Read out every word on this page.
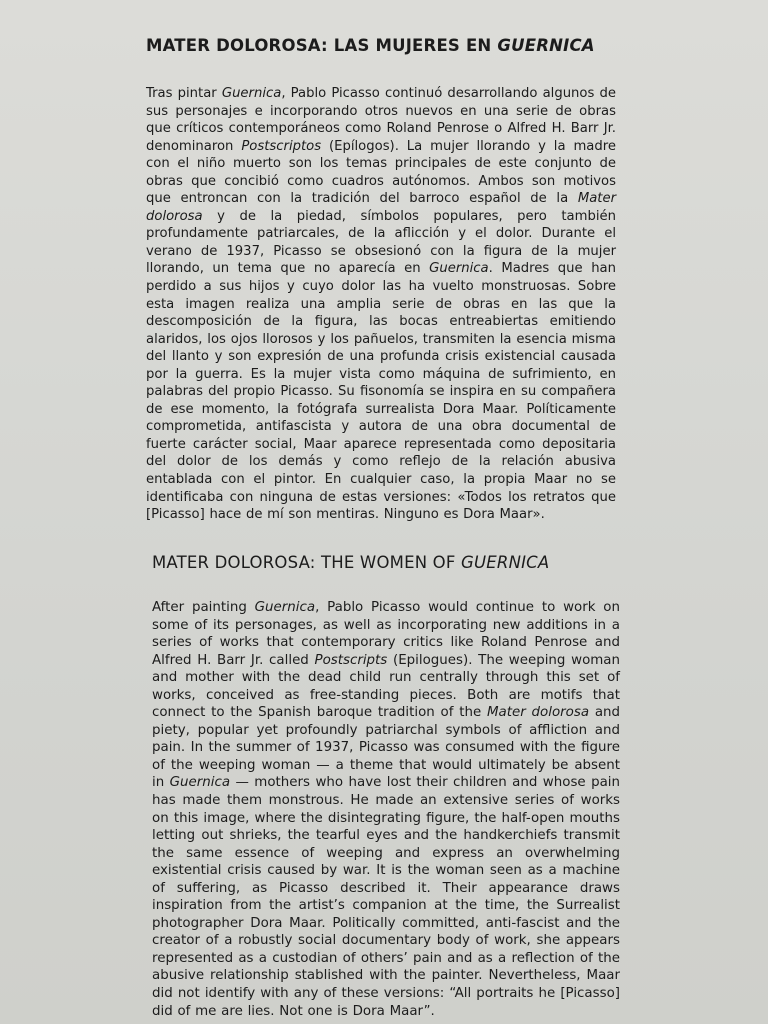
MATER DOLOROSA: LAS MUJERES EN GUERNICA

Tras pintar Guernica, Pablo Picasso continuó desarrollando algunos de sus personajes e incorporando otros nuevos en una serie de obras que críticos contemporáneos como Roland Penrose o Alfred H. Barr Jr. denominaron Postscriptos (Epílogos). La mujer llorando y la madre con el niño muerto son los temas principales de este conjunto de obras que concibió como cuadros autónomos. Ambos son motivos que entroncan con la tradición del barroco español de la Mater dolorosa y de la piedad, símbolos populares, pero también profundamente patriarcales, de la aflicción y el dolor. Durante el verano de 1937, Picasso se obsesionó con la figura de la mujer llorando, un tema que no aparecía en Guernica. Madres que han perdido a sus hijos y cuyo dolor las ha vuelto monstruosas. Sobre esta imagen realiza una amplia serie de obras en las que la descomposición de la figura, las bocas entreabiertas emitiendo alaridos, los ojos llorosos y los pañuelos, transmiten la esencia misma del llanto y son expresión de una profunda crisis existencial causada por la guerra. Es la mujer vista como máquina de sufrimiento, en palabras del propio Picasso. Su fisonomía se inspira en su compañera de ese momento, la fotógrafa surrealista Dora Maar. Políticamente comprometida, antifascista y autora de una obra documental de fuerte carácter social, Maar aparece representada como depositaria del dolor de los demás y como reflejo de la relación abusiva entablada con el pintor. En cualquier caso, la propia Maar no se identificaba con ninguna de estas versiones: «Todos los retratos que [Picasso] hace de mí son mentiras. Ninguno es Dora Maar».

MATER DOLOROSA: THE WOMEN OF GUERNICA

After painting Guernica, Pablo Picasso would continue to work on some of its personages, as well as incorporating new additions in a series of works that contemporary critics like Roland Penrose and Alfred H. Barr Jr. called Postscripts (Epilogues). The weeping woman and mother with the dead child run centrally through this set of works, conceived as free-standing pieces. Both are motifs that connect to the Spanish baroque tradition of the Mater dolorosa and piety, popular yet profoundly patriarchal symbols of affliction and pain. In the summer of 1937, Picasso was consumed with the figure of the weeping woman — a theme that would ultimately be absent in Guernica — mothers who have lost their children and whose pain has made them monstrous. He made an extensive series of works on this image, where the disintegrating figure, the half-open mouths letting out shrieks, the tearful eyes and the handkerchiefs transmit the same essence of weeping and express an overwhelming existential crisis caused by war. It is the woman seen as a machine of suffering, as Picasso described it. Their appearance draws inspiration from the artist’s companion at the time, the Surrealist photographer Dora Maar. Politically committed, anti-fascist and the creator of a robustly social documentary body of work, she appears represented as a custodian of others’ pain and as a reflection of the abusive relationship stablished with the painter. Nevertheless, Maar did not identify with any of these versions: “All portraits he [Picasso] did of me are lies. Not one is Dora Maar”.
